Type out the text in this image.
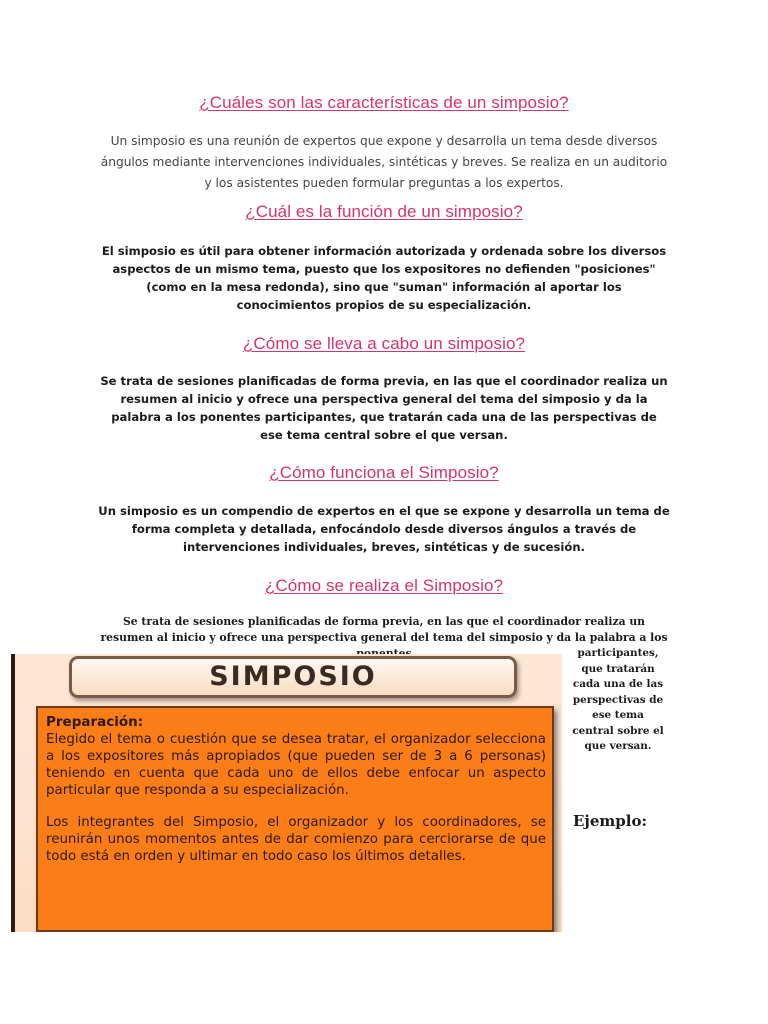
¿Cuáles son las características de un simposio?

Un simposio es una reunión de expertos que expone y desarrolla un tema desde diversos ángulos mediante intervenciones individuales, sintéticas y breves. Se realiza en un auditorio y los asistentes pueden formular preguntas a los expertos.

¿Cuál es la función de un simposio?

El simposio es útil para obtener información autorizada y ordenada sobre los diversos aspectos de un mismo tema, puesto que los expositores no defienden "posiciones" (como en la mesa redonda), sino que "suman" información al aportar los conocimientos propios de su especialización.

¿Cómo se lleva a cabo un simposio?

Se trata de sesiones planificadas de forma previa, en las que el coordinador realiza un resumen al inicio y ofrece una perspectiva general del tema del simposio y da la palabra a los ponentes participantes, que tratarán cada una de las perspectivas de ese tema central sobre el que versan.

¿Cómo funciona el Simposio?

Un simposio es un compendio de expertos en el que se expone y desarrolla un tema de forma completa y detallada, enfocándolo desde diversos ángulos a través de intervenciones individuales, breves, sintéticas y de sucesión.

¿Cómo se realiza el Simposio?

Se trata de sesiones planificadas de forma previa, en las que el coordinador realiza un resumen al inicio y ofrece una perspectiva general del tema del simposio y da la palabra a los

participantes, que tratarán cada una de las perspectivas de ese tema central sobre el que versan.

Ejemplo:

SIMPOSIO

Preparación:

Elegido el tema o cuestión que se desea tratar, el organizador selecciona a los expositores más apropiados (que pueden ser de 3 a 6 personas) teniendo en cuenta que cada uno de ellos debe enfocar un aspecto particular que responda a su especialización.

Los integrantes del Simposio, el organizador y los coordinadores, se reunirán unos momentos antes de dar comienzo para cerciorarse de que todo está en orden y ultimar en todo caso los últimos detalles.
